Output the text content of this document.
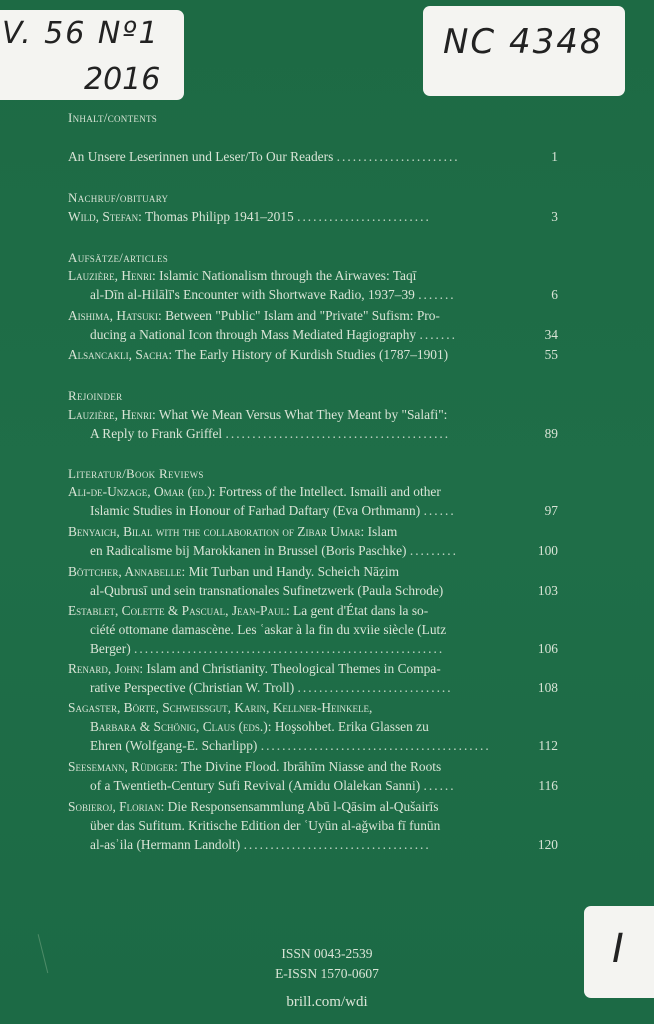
V. 56 Nº1
2016
NC 4348
I
Inhalt/contents
An Unsere Leserinnen und Leser/To Our Readers .......................	1
Nachruf/obituary
Wild, Stefan: Thomas Philipp 1941–2015 .........................	3
Aufsätze/articles
Lauzière, Henri: Islamic Nationalism through the Airwaves: Taqī
al-Dīn al-Hilālī's Encounter with Shortwave Radio, 1937–39 .......	6
Aishima, Hatsuki: Between "Public" Islam and "Private" Sufism: Pro-
ducing a National Icon through Mass Mediated Hagiography .......	34
Alsancakli, Sacha: The Early History of Kurdish Studies (1787–1901)	55
Rejoinder
Lauzière, Henri: What We Mean Versus What They Meant by "Salafi":
A Reply to Frank Griffel ..........................................	89
Literatur/Book Reviews
Ali-de-Unzage, Omar (ed.): Fortress of the Intellect. Ismaili and other
Islamic Studies in Honour of Farhad Daftary (Eva Orthmann) ......	97
Benyaich, Bilal with the collaboration of Zibar Umar: Islam
en Radicalisme bij Marokkanen in Brussel (Boris Paschke) .........	100
Böttcher, Annabelle: Mit Turban und Handy. Scheich Nāẓim
al-Qubrusī und sein transnationales Sufinetzwerk (Paula Schrode)	103
Establet, Colette & Pascual, Jean-Paul: La gent d'État dans la so-
ciété ottomane damascène. Les ʿaskar à la fin du xviie siècle (Lutz
Berger) ..........................................................	106
Renard, John: Islam and Christianity. Theological Themes in Compa-
rative Perspective (Christian W. Troll) .............................	108
Sagaster, Börte, Schweissgut, Karin, Kellner-Heinkele,
Barbara & Schönig, Claus (eds.): Hoşsohbet. Erika Glassen zu
Ehren (Wolfgang-E. Scharlipp) ...........................................	112
Seesemann, Rüdiger: The Divine Flood. Ibrāhīm Niasse and the Roots
of a Twentieth-Century Sufi Revival (Amidu Olalekan Sanni) ......	116
Sobieroj, Florian: Die Responsensammlung Abū l-Qāsim al-Qušairīs
über das Sufitum. Kritische Edition der ʿUyūn al-aǧwiba fī funūn
al-asʾila (Hermann Landolt) ...................................	120
ISSN 0043-2539
E-ISSN 1570-0607
brill.com/wdi
